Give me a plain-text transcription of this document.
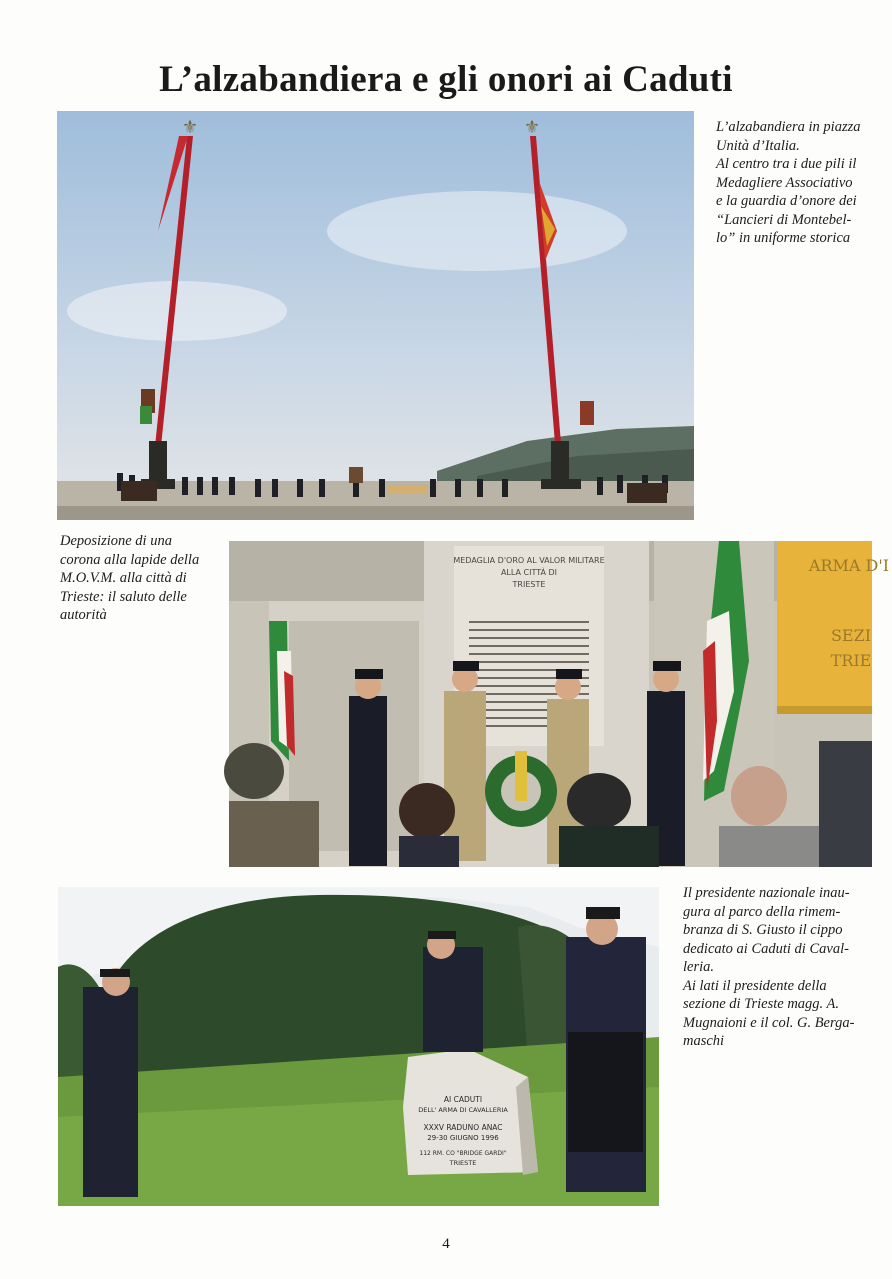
L’alzabandiera e gli onori ai Caduti
⚜	⚜	L’alzabandiera in piazza

Unità d’Italia.

Al centro tra i due pili il

Medagliere Associativo

e la guardia d’onore dei

“Lancieri di Montebel-

lo” in uniforme storica

Deposizione di una

corona alla lapide della

M.O.V.M. alla città di

Trieste: il saluto delle

autorità

MEDAGLIA D'ORO AL VALOR MILITARE
ALLA CITTÀ DI
TRIESTE
ARMA D'I
SEZI
TRIE
AI CADUTI
DELL' ARMA DI CAVALLERIA
XXXV RADUNO ANAC
29-30 GIUGNO 1996
112 RM. CO "BRIDGE GARDI"
TRIESTE

Il presidente nazionale inau-

gura al parco della rimem-

branza di S. Giusto il cippo

dedicato ai Caduti di Caval-

leria.

Ai lati il presidente della

sezione di Trieste magg. A.

Mugnaioni e il col. G. Berga-

maschi

4
